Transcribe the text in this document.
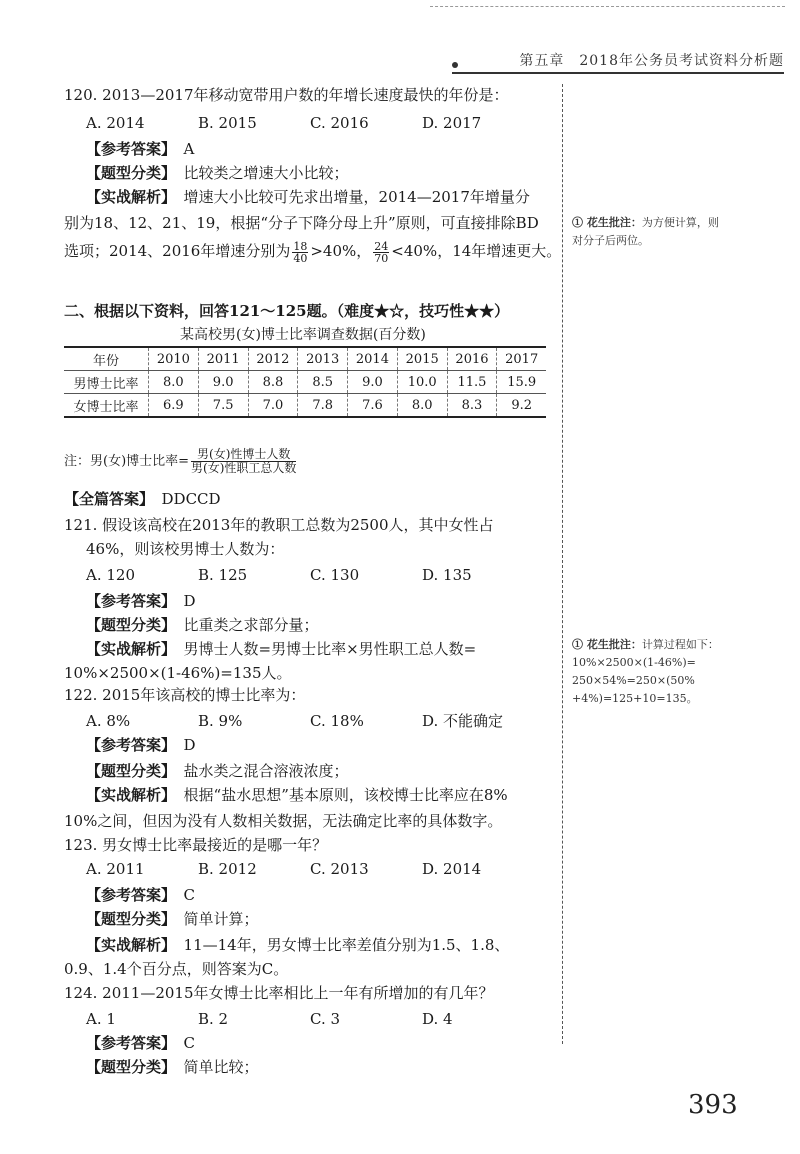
第五章　2018年公务员考试资料分析题
120. 2013—2017年移动宽带用户数的年增长速度最快的年份是：
A. 2014	B. 2015	C. 2016	D. 2017
【参考答案】　 A
【题型分类】　 比较类之增速大小比较；
【实战解析】　 增速大小比较可先求出增量，2014—2017年增量分
别为18、12、21、19，根据“分子下降分母上升”原则，可直接排除BD
选项；2014、2016年增速分别为 $\frac{18}{40} >40\%$， $\frac{24}{70} <40\%$，14年增速更大。
① 花生批注：为方便计算，则
对分子后两位。
二、根据以下资料，回答121～125题。（难度★☆，技巧性★★）
某高校男(女)博士比率调查数据(百分数)
年份	2010	2011	2012	2013	2014	2015	2016	2017
男博士比率	8.0	9.0	8.8	8.5	9.0	10.0	11.5	15.9
女博士比率	6.9	7.5	7.0	7.8	7.6	8.0	8.3	9.2
注：男(女)博士比率= $\frac{\text{男(女)性博士人数}}{\text{男(女)性职工总人数}}$
【全篇答案】　 DDCCD
121. 假设该高校在2013年的教职工总数为2500人，其中女性占
46%，则该校男博士人数为：
A. 120	B. 125	C. 130	D. 135
【参考答案】　 D
【题型分类】　 比重类之求部分量；
【实战解析】　 男博士人数=男博士比率×男性职工总人数=
10%×2500×(1-46%)=135人。
① 花生批注：计算过程如下：
10%×2500×(1-46%)=
250×54%=250×(50%
+4%)=125+10=135。
122. 2015年该高校的博士比率为：
A. 8%	B. 9%	C. 18%	D. 不能确定
【参考答案】　 D
【题型分类】　 盐水类之混合溶液浓度；
【实战解析】　 根据“盐水思想”基本原则，该校博士比率应在8%
10%之间，但因为没有人数相关数据，无法确定比率的具体数字。
123. 男女博士比率最接近的是哪一年？
A. 2011	B. 2012	C. 2013	D. 2014
【参考答案】　 C
【题型分类】　 简单计算；
【实战解析】　 11—14年，男女博士比率差值分别为1.5、1.8、
0.9、1.4个百分点，则答案为C。
124. 2011—2015年女博士比率相比上一年有所增加的有几年？
A. 1	B. 2	C. 3	D. 4
【参考答案】　 C
【题型分类】　 简单比较；
393
